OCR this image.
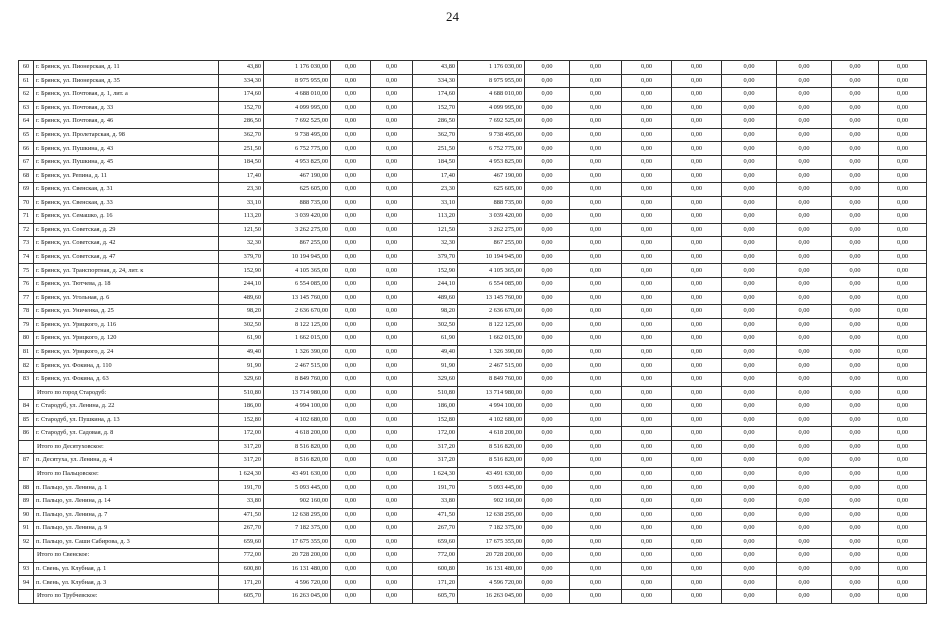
24
60	г. Брянск, ул. Пионерская, д. 11	43,80	1 176 030,00	0,00	0,00	43,80	1 176 030,00	0,00	0,00	0,00	0,00	0,00	0,00	0,00	0,00
61	г. Брянск, ул. Пионерская, д. 35	334,30	8 975 955,00	0,00	0,00	334,30	8 975 955,00	0,00	0,00	0,00	0,00	0,00	0,00	0,00	0,00
62	г. Брянск, ул. Почтовая, д. 1, лит. а	174,60	4 688 010,00	0,00	0,00	174,60	4 688 010,00	0,00	0,00	0,00	0,00	0,00	0,00	0,00	0,00
63	г. Брянск, ул. Почтовая, д. 33	152,70	4 099 995,00	0,00	0,00	152,70	4 099 995,00	0,00	0,00	0,00	0,00	0,00	0,00	0,00	0,00
64	г. Брянск, ул. Почтовая, д. 46	286,50	7 692 525,00	0,00	0,00	286,50	7 692 525,00	0,00	0,00	0,00	0,00	0,00	0,00	0,00	0,00
65	г. Брянск, ул. Пролетарская, д. 98	362,70	9 738 495,00	0,00	0,00	362,70	9 738 495,00	0,00	0,00	0,00	0,00	0,00	0,00	0,00	0,00
66	г. Брянск, ул. Пушкина, д. 43	251,50	6 752 775,00	0,00	0,00	251,50	6 752 775,00	0,00	0,00	0,00	0,00	0,00	0,00	0,00	0,00
67	г. Брянск, ул. Пушкина, д. 45	184,50	4 953 825,00	0,00	0,00	184,50	4 953 825,00	0,00	0,00	0,00	0,00	0,00	0,00	0,00	0,00
68	г. Брянск, ул. Репина, д. 11	17,40	467 190,00	0,00	0,00	17,40	467 190,00	0,00	0,00	0,00	0,00	0,00	0,00	0,00	0,00
69	г. Брянск, ул. Свенская, д. 31	23,30	625 605,00	0,00	0,00	23,30	625 605,00	0,00	0,00	0,00	0,00	0,00	0,00	0,00	0,00
70	г. Брянск, ул. Свенская, д. 33	33,10	888 735,00	0,00	0,00	33,10	888 735,00	0,00	0,00	0,00	0,00	0,00	0,00	0,00	0,00
71	г. Брянск, ул. Семашко, д. 16	113,20	3 039 420,00	0,00	0,00	113,20	3 039 420,00	0,00	0,00	0,00	0,00	0,00	0,00	0,00	0,00
72	г. Брянск, ул. Советская, д. 29	121,50	3 262 275,00	0,00	0,00	121,50	3 262 275,00	0,00	0,00	0,00	0,00	0,00	0,00	0,00	0,00
73	г. Брянск, ул. Советская, д. 42	32,30	867 255,00	0,00	0,00	32,30	867 255,00	0,00	0,00	0,00	0,00	0,00	0,00	0,00	0,00
74	г. Брянск, ул. Советская, д. 47	379,70	10 194 945,00	0,00	0,00	379,70	10 194 945,00	0,00	0,00	0,00	0,00	0,00	0,00	0,00	0,00
75	г. Брянск, ул. Транспортная, д. 24, лит. к	152,90	4 105 365,00	0,00	0,00	152,90	4 105 365,00	0,00	0,00	0,00	0,00	0,00	0,00	0,00	0,00
76	г. Брянск, ул. Тютчева, д. 18	244,10	6 554 085,00	0,00	0,00	244,10	6 554 085,00	0,00	0,00	0,00	0,00	0,00	0,00	0,00	0,00
77	г. Брянск, ул. Угольная, д. 6	489,60	13 145 760,00	0,00	0,00	489,60	13 145 760,00	0,00	0,00	0,00	0,00	0,00	0,00	0,00	0,00
78	г. Брянск, ул. Униченка, д. 25	98,20	2 636 670,00	0,00	0,00	98,20	2 636 670,00	0,00	0,00	0,00	0,00	0,00	0,00	0,00	0,00
79	г. Брянск, ул. Урицкого, д. 116	302,50	8 122 125,00	0,00	0,00	302,50	8 122 125,00	0,00	0,00	0,00	0,00	0,00	0,00	0,00	0,00
80	г. Брянск, ул. Урицкого, д. 120	61,90	1 662 015,00	0,00	0,00	61,90	1 662 015,00	0,00	0,00	0,00	0,00	0,00	0,00	0,00	0,00
81	г. Брянск, ул. Урицкого, д. 24	49,40	1 326 390,00	0,00	0,00	49,40	1 326 390,00	0,00	0,00	0,00	0,00	0,00	0,00	0,00	0,00
82	г. Брянск, ул. Фокина, д. 110	91,90	2 467 515,00	0,00	0,00	91,90	2 467 515,00	0,00	0,00	0,00	0,00	0,00	0,00	0,00	0,00
83	г. Брянск, ул. Фокина, д. 63	329,60	8 849 760,00	0,00	0,00	329,60	8 849 760,00	0,00	0,00	0,00	0,00	0,00	0,00	0,00	0,00
	Итого по город Стародуб:	510,80	13 714 980,00	0,00	0,00	510,80	13 714 980,00	0,00	0,00	0,00	0,00	0,00	0,00	0,00	0,00
84	г. Стародуб, ул. Ленина, д. 22	186,00	4 994 100,00	0,00	0,00	186,00	4 994 100,00	0,00	0,00	0,00	0,00	0,00	0,00	0,00	0,00
85	г. Стародуб, ул. Пушкина, д. 13	152,80	4 102 680,00	0,00	0,00	152,80	4 102 680,00	0,00	0,00	0,00	0,00	0,00	0,00	0,00	0,00
86	г. Стародуб, ул. Садовая, д. 8	172,00	4 618 200,00	0,00	0,00	172,00	4 618 200,00	0,00	0,00	0,00	0,00	0,00	0,00	0,00	0,00
	Итого по Десятуховское:	317,20	8 516 820,00	0,00	0,00	317,20	8 516 820,00	0,00	0,00	0,00	0,00	0,00	0,00	0,00	0,00
87	п. Десятуха, ул. Ленина, д. 4	317,20	8 516 820,00	0,00	0,00	317,20	8 516 820,00	0,00	0,00	0,00	0,00	0,00	0,00	0,00	0,00
	Итого по Пальцовское:	1 624,30	43 491 630,00	0,00	0,00	1 624,30	43 491 630,00	0,00	0,00	0,00	0,00	0,00	0,00	0,00	0,00
88	п. Пальцо, ул. Ленина, д. 1	191,70	5 093 445,00	0,00	0,00	191,70	5 093 445,00	0,00	0,00	0,00	0,00	0,00	0,00	0,00	0,00
89	п. Пальцо, ул. Ленина, д. 14	33,80	902 160,00	0,00	0,00	33,80	902 160,00	0,00	0,00	0,00	0,00	0,00	0,00	0,00	0,00
90	п. Пальцо, ул. Ленина, д. 7	471,50	12 638 295,00	0,00	0,00	471,50	12 638 295,00	0,00	0,00	0,00	0,00	0,00	0,00	0,00	0,00
91	п. Пальцо, ул. Ленина, д. 9	267,70	7 182 375,00	0,00	0,00	267,70	7 182 375,00	0,00	0,00	0,00	0,00	0,00	0,00	0,00	0,00
92	п. Пальцо, ул. Саши Сабирова, д. 3	659,60	17 675 355,00	0,00	0,00	659,60	17 675 355,00	0,00	0,00	0,00	0,00	0,00	0,00	0,00	0,00
	Итого по Свенское:	772,00	20 728 200,00	0,00	0,00	772,00	20 728 200,00	0,00	0,00	0,00	0,00	0,00	0,00	0,00	0,00
93	п. Свень, ул. Клубная, д. 1	600,80	16 131 480,00	0,00	0,00	600,80	16 131 480,00	0,00	0,00	0,00	0,00	0,00	0,00	0,00	0,00
94	п. Свень, ул. Клубная, д. 3	171,20	4 596 720,00	0,00	0,00	171,20	4 596 720,00	0,00	0,00	0,00	0,00	0,00	0,00	0,00	0,00
	Итого по Трубчевское:	605,70	16 263 045,00	0,00	0,00	605,70	16 263 045,00	0,00	0,00	0,00	0,00	0,00	0,00	0,00	0,00
